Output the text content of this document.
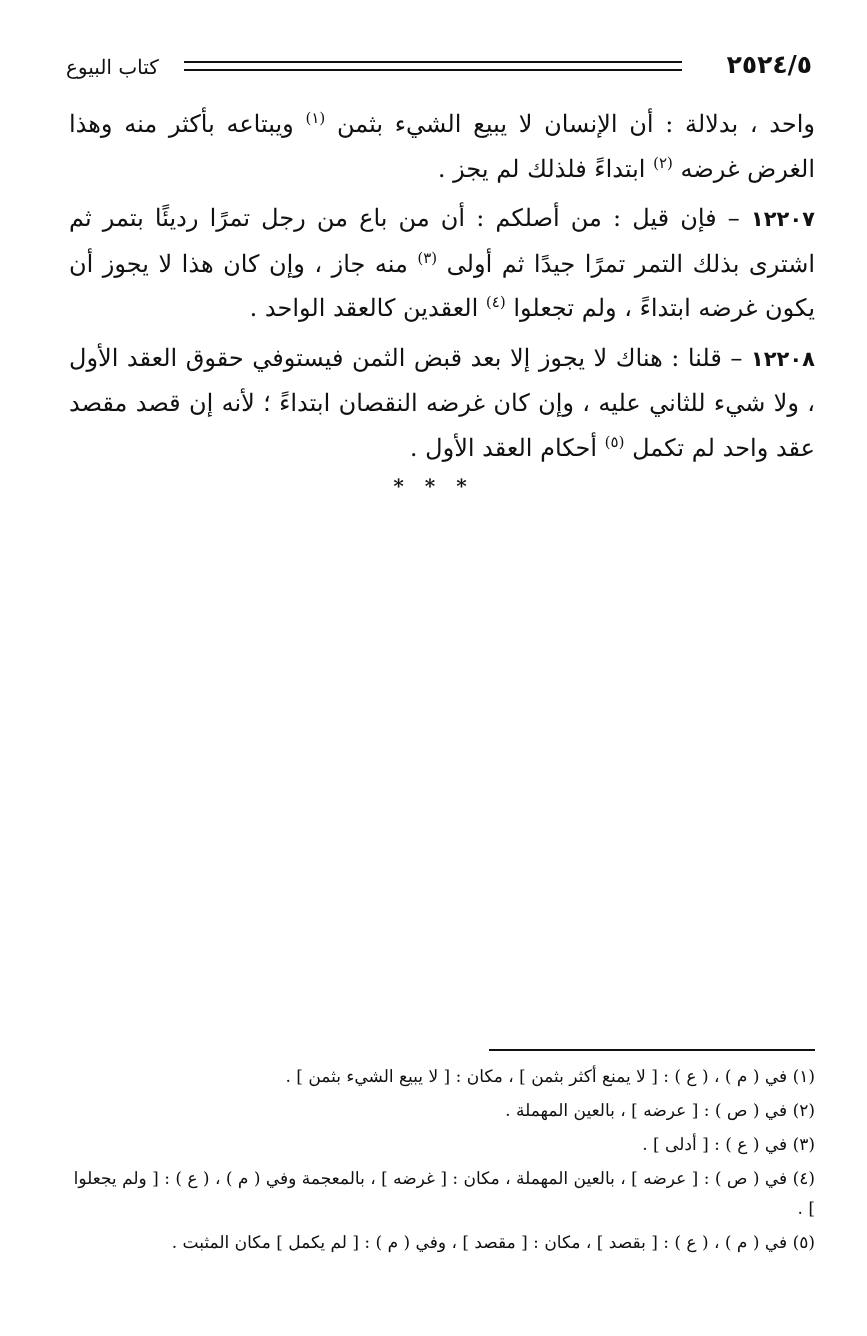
٢٥٢٤/٥
كتاب البيوع

واحد ، بدلالة : أن الإنسان لا يبيع الشيء بثمن $^{(١)}$ ويبتاعه بأكثر منه وهذا الغرض غرضه $^{(٢)}$ ابتداءً فلذلك لم يجز .

١٢٢٠٧ – فإن قيل : من أصلكم : أن من باع من رجل تمرًا رديئًا بتمر ثم اشترى بذلك التمر تمرًا جيدًا ثم أولى $^{(٣)}$ منه جاز ، وإن كان هذا لا يجوز أن يكون غرضه ابتداءً ، ولم تجعلوا $^{(٤)}$ العقدين كالعقد الواحد .

١٢٢٠٨ – قلنا : هناك لا يجوز إلا بعد قبض الثمن فيستوفي حقوق العقد الأول ، ولا شيء للثاني عليه ، وإن كان غرضه النقصان ابتداءً ؛ لأنه إن قصد مقصد عقد واحد لم تكمل $^{(٥)}$ أحكام العقد الأول .

* * *

(١) في ( م ) ، ( ع ) : [ لا يمنع أكثر بثمن ] ، مكان : [ لا يبيع الشيء بثمن ] .

(٢) في ( ص ) : [ عرضه ] ، بالعين المهملة .

(٣) في ( ع ) : [ أدلى ] .

(٤) في ( ص ) : [ عرضه ] ، بالعين المهملة ، مكان : [ غرضه ] ، بالمعجمة وفي ( م ) ، ( ع ) : [ ولم يجعلوا ] .

(٥) في ( م ) ، ( ع ) : [ بقصد ] ، مكان : [ مقصد ] ، وفي ( م ) : [ لم يكمل ] مكان المثبت .
